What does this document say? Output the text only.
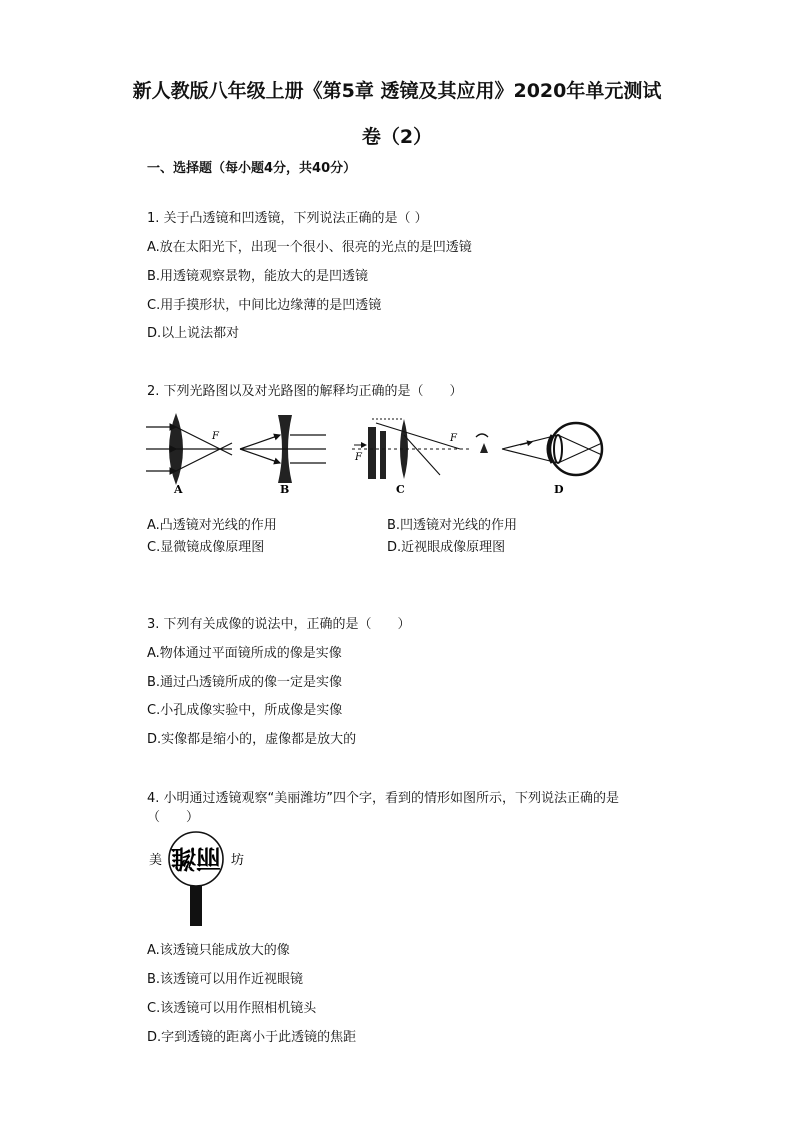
新人教版八年级上册《第5章 透镜及其应用》2020年单元测试
卷（2）
一、选择题（每小题4分，共40分）
1. 关于凸透镜和凹透镜，下列说法正确的是（ ）
A.放在太阳光下，出现一个很小、很亮的光点的是凹透镜
B.用透镜观察景物，能放大的是凹透镜
C.用手摸形状，中间比边缘薄的是凹透镜
D.以上说法都对
2. 下列光路图以及对光路图的解释均正确的是（　　）
F
A	B
F
F
C	D
A.凸透镜对光线的作用	B.凹透镜对光线的作用
C.显微镜成像原理图	D.近视眼成像原理图
3. 下列有关成像的说法中，正确的是（　　）
A.物体通过平面镜所成的像是实像
B.通过凸透镜所成的像一定是实像
C.小孔成像实验中，所成像是实像
D.实像都是缩小的，虚像都是放大的
4. 小明通过透镜观察“美丽潍坊”四个字，看到的情形如图所示，下列说法正确的是
（　　）
美 丽潍 坊
A.该透镜只能成放大的像
B.该透镜可以用作近视眼镜
C.该透镜可以用作照相机镜头
D.字到透镜的距离小于此透镜的焦距
